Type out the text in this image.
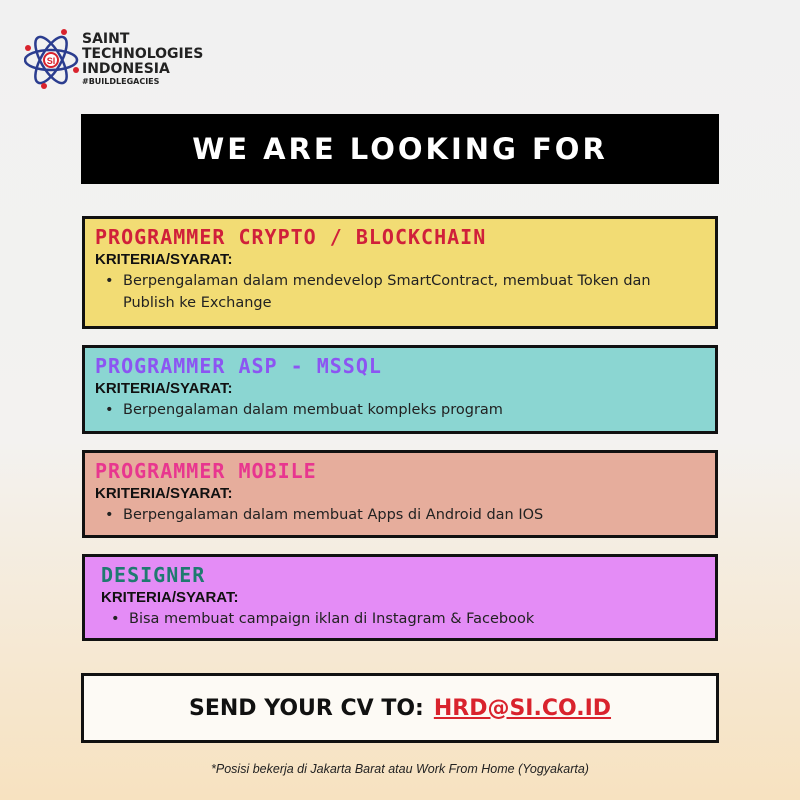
SI
SAINT
TECHNOLOGIES
INDONESIA
#BUILDLEGACIES
WE ARE LOOKING FOR
PROGRAMMER CRYPTO / BLOCKCHAIN
KRITERIA/SYARAT:
• Berpengalaman dalam mendevelop SmartContract, membuat Token dan Publish ke Exchange
PROGRAMMER ASP - MSSQL
KRITERIA/SYARAT:
• Berpengalaman dalam membuat kompleks program
PROGRAMMER MOBILE
KRITERIA/SYARAT:
• Berpengalaman dalam membuat Apps di Android dan IOS
DESIGNER
KRITERIA/SYARAT:
• Bisa membuat campaign iklan di Instagram & Facebook
SEND YOUR CV TO: HRD@SI.CO.ID
*Posisi bekerja di Jakarta Barat atau Work From Home (Yogyakarta)
